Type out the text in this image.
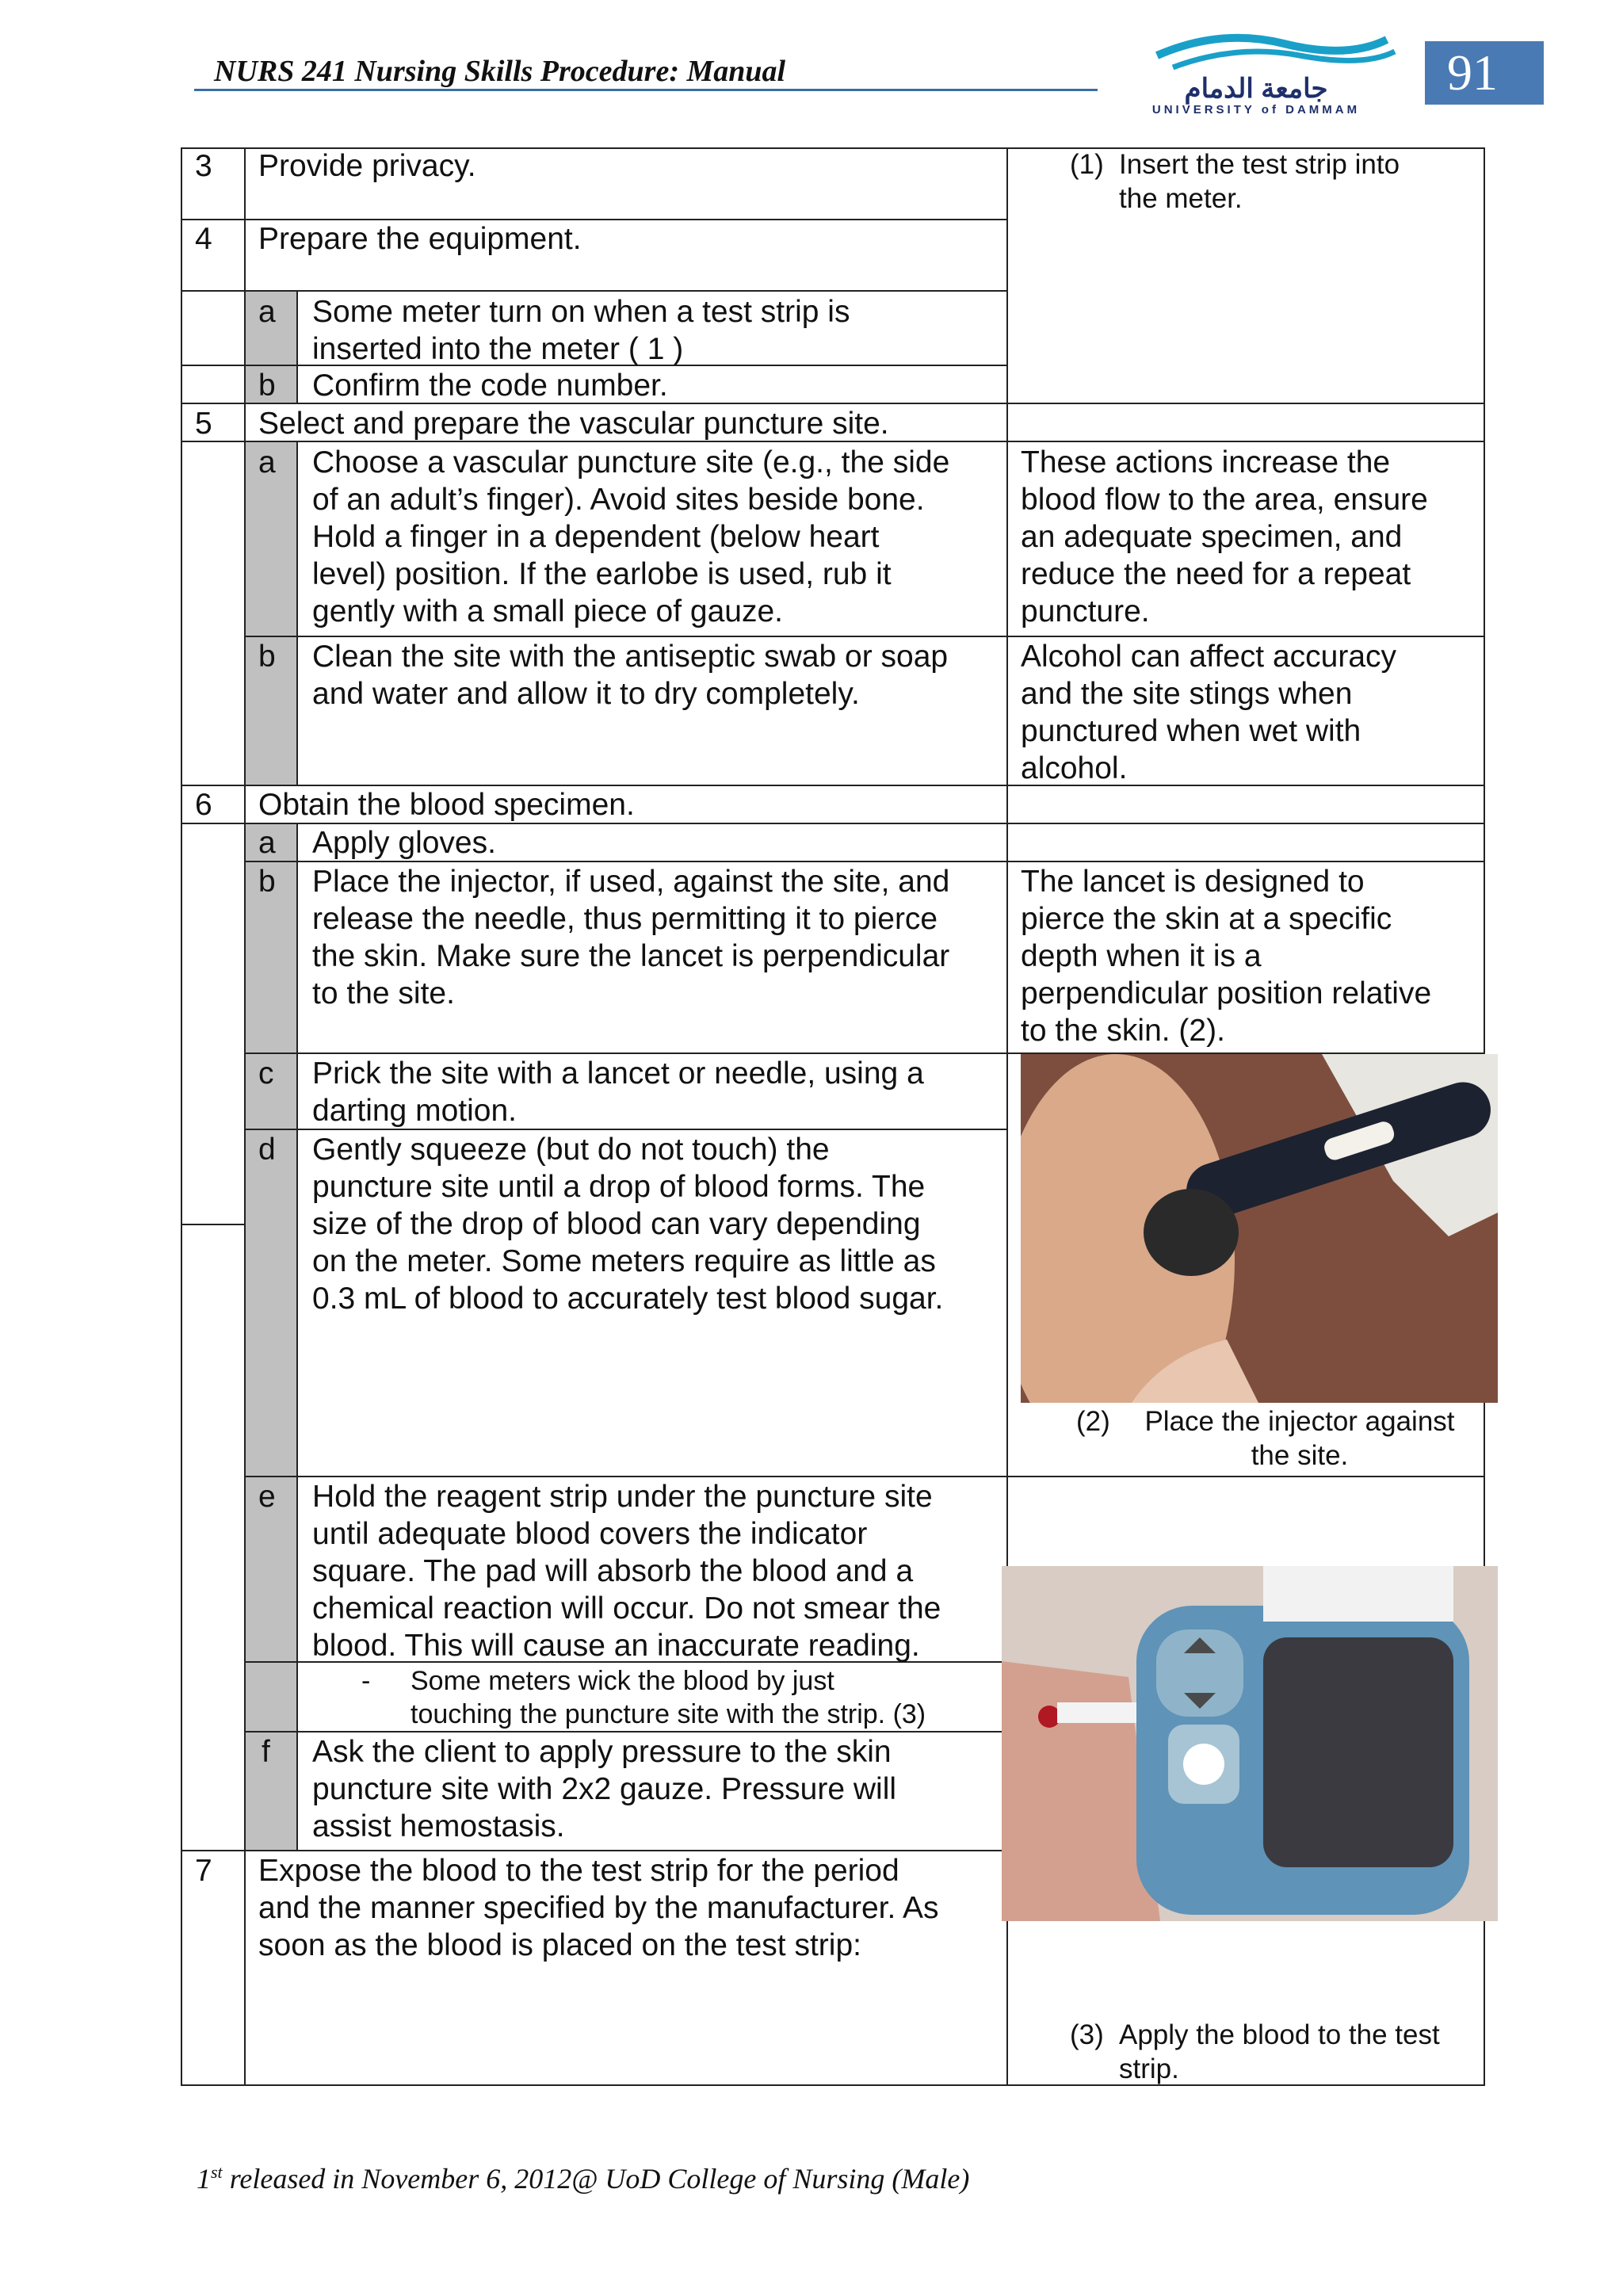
NURS 241 Nursing Skills Procedure: Manual
جامعة الدمام
UNIVERSITY of DAMMAM
91
3
4
5
6
7
a
b
a
b
a
b
c
d
e
f
Provide privacy.
Prepare the equipment.
Some meter turn on when a test strip is
inserted into the meter ( 1 )
Confirm the code number.
Select and prepare the vascular puncture site.
Choose a vascular puncture site (e.g., the side
of an adult’s finger). Avoid sites beside bone.
Hold a finger in a dependent (below heart
level) position. If the earlobe is used, rub it
gently with a small piece of gauze.
Clean the site with the antiseptic swab or soap
and water and allow it to dry completely.
Obtain the blood specimen.
Apply gloves.
Place the injector, if used, against the site, and
release the needle, thus permitting it to pierce
the skin. Make sure the lancet is perpendicular
to the site.
Prick the site with a lancet or needle, using a
darting motion.
Gently squeeze (but do not touch) the
puncture site until a drop of blood forms. The
size of the drop of blood can vary depending
on the meter. Some meters require as little as
0.3 mL of blood to accurately test blood sugar.
Hold the reagent strip under the puncture site
until adequate blood covers the indicator
square. The pad will absorb the blood and a
chemical reaction will occur. Do not smear the
blood. This will cause an inaccurate reading.
- Some meters wick the blood by just
touching the puncture site with the strip. (3)
Ask the client to apply pressure to the skin
puncture site with 2x2 gauze. Pressure will
assist hemostasis.
Expose the blood to the test strip for the period
and the manner specified by the manufacturer. As
soon as the blood is placed on the test strip:
These actions increase the
blood flow to the area, ensure
an adequate specimen, and
reduce the need for a repeat
puncture.
Alcohol can affect accuracy
and the site stings when
punctured when wet with
alcohol.
The lancet is designed to
pierce the skin at a specific
depth when it is a
perpendicular position relative
to the skin. (2).
(1) Insert the test strip into
the meter.
(2)	Place the injector against
the site.
(3) Apply the blood to the test
strip.
1st released in November 6, 2012@ UoD College of Nursing (Male)
